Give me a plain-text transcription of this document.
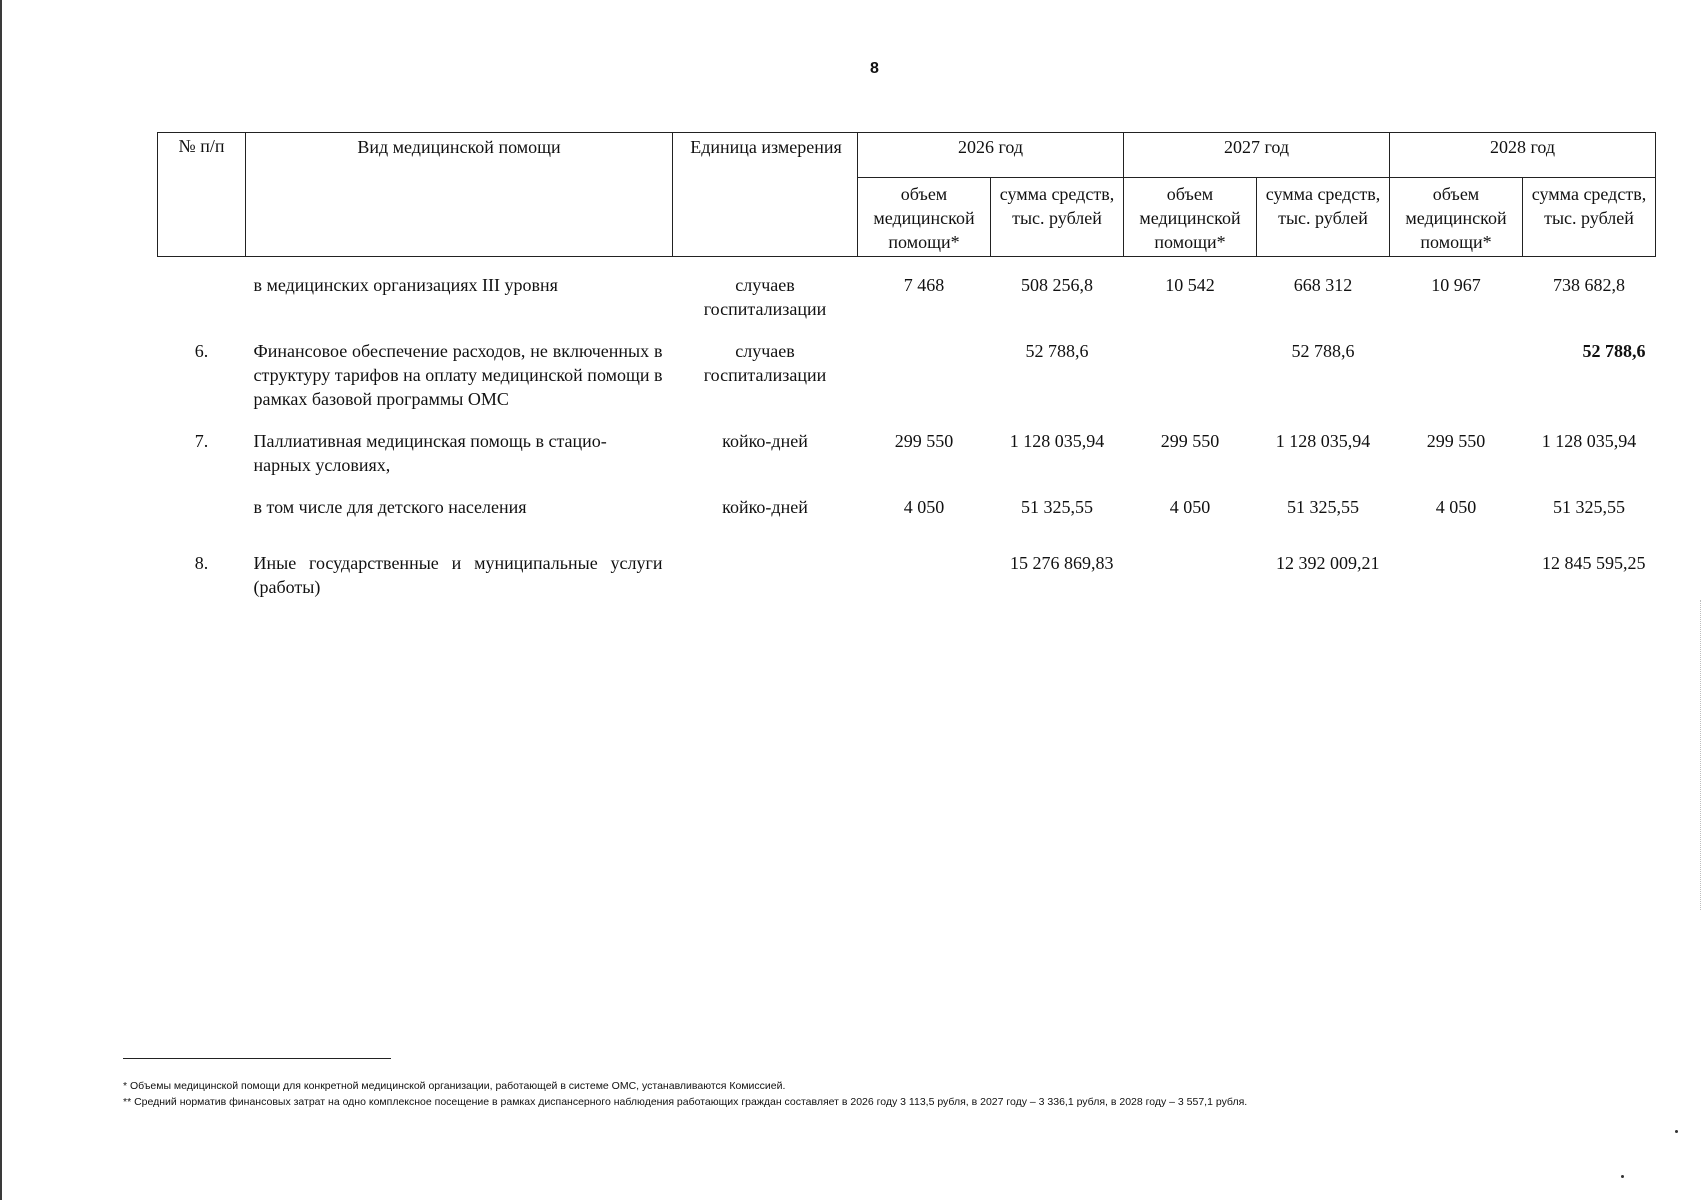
8
№ п/п	Вид медицинской помощи	Единица измерения	2026 год		2027 год		2028 год	
			объем медицинской помощи*	сумма средств, тыс. рублей	объем медицинской помощи*	сумма средств, тыс. рублей	объем медицинской помощи*	сумма средств, тыс. рублей
	в медицинских организациях III уровня	случаев госпитализации	7 468	508 256,8	10 542	668 312	10 967	738 682,8
6.	Финансовое обеспечение расходов, не включенных в структуру тарифов на оплату медицинской помощи в рамках базовой программы ОМС	случаев госпитализации		52 788,6		52 788,6		52 788,6
7.	Паллиативная медицинская помощь в стацио-нарных условиях,	койко-дней	299 550	1 128 035,94	299 550	1 128 035,94	299 550	1 128 035,94
	в том числе для детского населения	койко-дней	4 050	51 325,55	4 050	51 325,55	4 050	51 325,55
8.	Иные государственные и муниципальные услуги (работы)			15 276 869,83		12 392 009,21		12 845 595,25

* Объемы медицинской помощи для конкретной медицинской организации, работающей в системе ОМС, устанавливаются Комиссией.

** Средний норматив финансовых затрат на одно комплексное посещение в рамках диспансерного наблюдения работающих граждан составляет в 2026 году 3 113,5 рубля, в 2027 году – 3 336,1 рубля, в 2028 году – 3 557,1 рубля.
